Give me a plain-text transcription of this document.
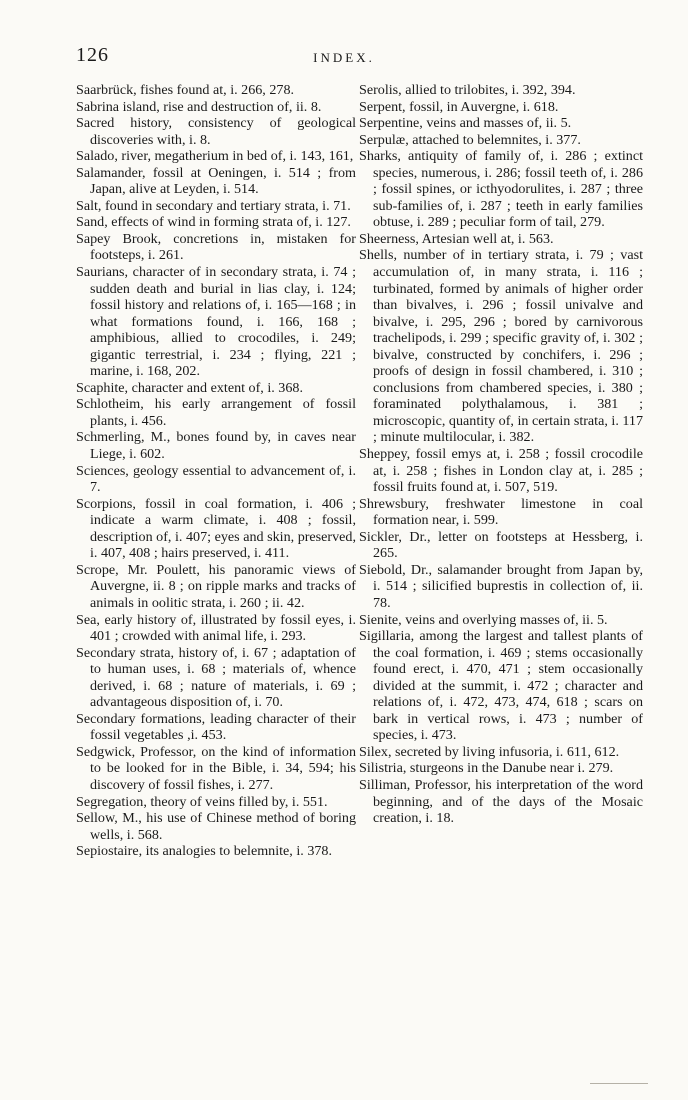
126	INDEX.

Saarbrück, fishes found at, i. 266, 278.

Sabrina island, rise and destruction of, ii. 8.

Sacred history, consistency of geological discoveries with, i. 8.

Salado, river, megatherium in bed of, i. 143, 161,

Salamander, fossil at Oeningen, i. 514 ; from Japan, alive at Leyden, i. 514.

Salt, found in secondary and tertiary strata, i. 71.

Sand, effects of wind in forming strata of, i. 127.

Sapey Brook, concretions in, mistaken for footsteps, i. 261.

Saurians, character of in secondary strata, i. 74 ; sudden death and burial in lias clay, i. 124; fossil history and relations of, i. 165—168 ; in what formations found, i. 166, 168 ; amphibious, allied to crocodiles, i. 249; gigantic terrestrial, i. 234 ; flying, 221 ; marine, i. 168, 202.

Scaphite, character and extent of, i. 368.

Schlotheim, his early arrangement of fossil plants, i. 456.

Schmerling, M., bones found by, in caves near Liege, i. 602.

Sciences, geology essential to advancement of, i. 7.

Scorpions, fossil in coal formation, i. 406 ; indicate a warm climate, i. 408 ; fossil, description of, i. 407; eyes and skin, preserved, i. 407, 408 ; hairs preserved, i. 411.

Scrope, Mr. Poulett, his panoramic views of Auvergne, ii. 8 ; on ripple marks and tracks of animals in oolitic strata, i. 260 ; ii. 42.

Sea, early history of, illustrated by fossil eyes, i. 401 ; crowded with animal life, i. 293.

Secondary strata, history of, i. 67 ; adaptation of to human uses, i. 68 ; materials of, whence derived, i. 68 ; nature of materials, i. 69 ; advantageous disposition of, i. 70.

Secondary formations, leading character of their fossil vegetables ,i. 453.

Sedgwick, Professor, on the kind of information to be looked for in the Bible, i. 34, 594; his discovery of fossil fishes, i. 277.

Segregation, theory of veins filled by, i. 551.

Sellow, M., his use of Chinese method of boring wells, i. 568.

Sepiostaire, its analogies to belemnite, i. 378.

Serolis, allied to trilobites, i. 392, 394.

Serpent, fossil, in Auvergne, i. 618.

Serpentine, veins and masses of, ii. 5.

Serpulæ, attached to belemnites, i. 377.

Sharks, antiquity of family of, i. 286 ; extinct species, numerous, i. 286; fossil teeth of, i. 286 ; fossil spines, or icthyodorulites, i. 287 ; three sub-families of, i. 287 ; teeth in early families obtuse, i. 289 ; peculiar form of tail, 279.

Sheerness, Artesian well at, i. 563.

Shells, number of in tertiary strata, i. 79 ; vast accumulation of, in many strata, i. 116 ; turbinated, formed by animals of higher order than bivalves, i. 296 ; fossil univalve and bivalve, i. 295, 296 ; bored by carnivorous trachelipods, i. 299 ; specific gravity of, i. 302 ; bivalve, constructed by conchifers, i. 296 ; proofs of design in fossil chambered, i. 310 ; conclusions from chambered species, i. 380 ; foraminated polythalamous, i. 381 ; microscopic, quantity of, in certain strata, i. 117 ; minute multilocular, i. 382.

Sheppey, fossil emys at, i. 258 ; fossil crocodile at, i. 258 ; fishes in London clay at, i. 285 ; fossil fruits found at, i. 507, 519.

Shrewsbury, freshwater limestone in coal formation near, i. 599.

Sickler, Dr., letter on footsteps at Hessberg, i. 265.

Siebold, Dr., salamander brought from Japan by, i. 514 ; silicified buprestis in collection of, ii. 78.

Sienite, veins and overlying masses of, ii. 5.

Sigillaria, among the largest and tallest plants of the coal formation, i. 469 ; stems occasionally found erect, i. 470, 471 ; stem occasionally divided at the summit, i. 472 ; character and relations of, i. 472, 473, 474, 618 ; scars on bark in vertical rows, i. 473 ; number of species, i. 473.

Silex, secreted by living infusoria, i. 611, 612.

Silistria, sturgeons in the Danube near i. 279.

Silliman, Professor, his interpretation of the word beginning, and of the days of the Mosaic creation, i. 18.
